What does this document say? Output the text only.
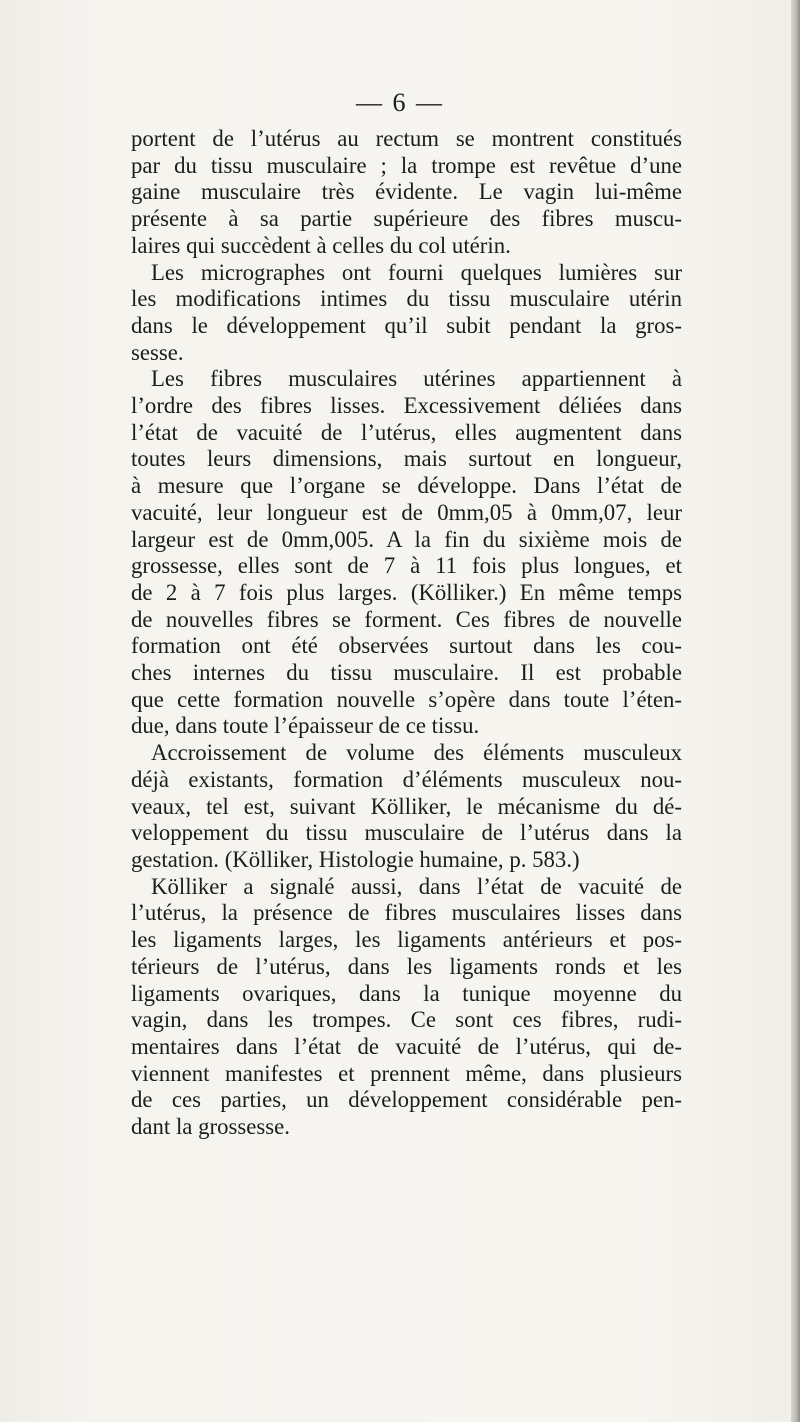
— 6 —
portent de l’utérus au rectum se montrent constitués
par du tissu musculaire ; la trompe est revêtue d’une
gaine musculaire très évidente. Le vagin lui-même
présente à sa partie supérieure des fibres muscu-
laires qui succèdent à celles du col utérin.
Les micrographes ont fourni quelques lumières sur
les modifications intimes du tissu musculaire utérin
dans le développement qu’il subit pendant la gros-
sesse.
Les fibres musculaires utérines appartiennent à
l’ordre des fibres lisses. Excessivement déliées dans
l’état de vacuité de l’utérus, elles augmentent dans
toutes leurs dimensions, mais surtout en longueur,
à mesure que l’organe se développe. Dans l’état de
vacuité, leur longueur est de 0mm,05 à 0mm,07, leur
largeur est de 0mm,005. A la fin du sixième mois de
grossesse, elles sont de 7 à 11 fois plus longues, et
de 2 à 7 fois plus larges. (Kölliker.) En même temps
de nouvelles fibres se forment. Ces fibres de nouvelle
formation ont été observées surtout dans les cou-
ches internes du tissu musculaire. Il est probable
que cette formation nouvelle s’opère dans toute l’éten-
due, dans toute l’épaisseur de ce tissu.
Accroissement de volume des éléments musculeux
déjà existants, formation d’éléments musculeux nou-
veaux, tel est, suivant Kölliker, le mécanisme du dé-
veloppement du tissu musculaire de l’utérus dans la
gestation. (Kölliker, Histologie humaine, p. 583.)
Kölliker a signalé aussi, dans l’état de vacuité de
l’utérus, la présence de fibres musculaires lisses dans
les ligaments larges, les ligaments antérieurs et pos-
térieurs de l’utérus, dans les ligaments ronds et les
ligaments ovariques, dans la tunique moyenne du
vagin, dans les trompes. Ce sont ces fibres, rudi-
mentaires dans l’état de vacuité de l’utérus, qui de-
viennent manifestes et prennent même, dans plusieurs
de ces parties, un développement considérable pen-
dant la grossesse.
